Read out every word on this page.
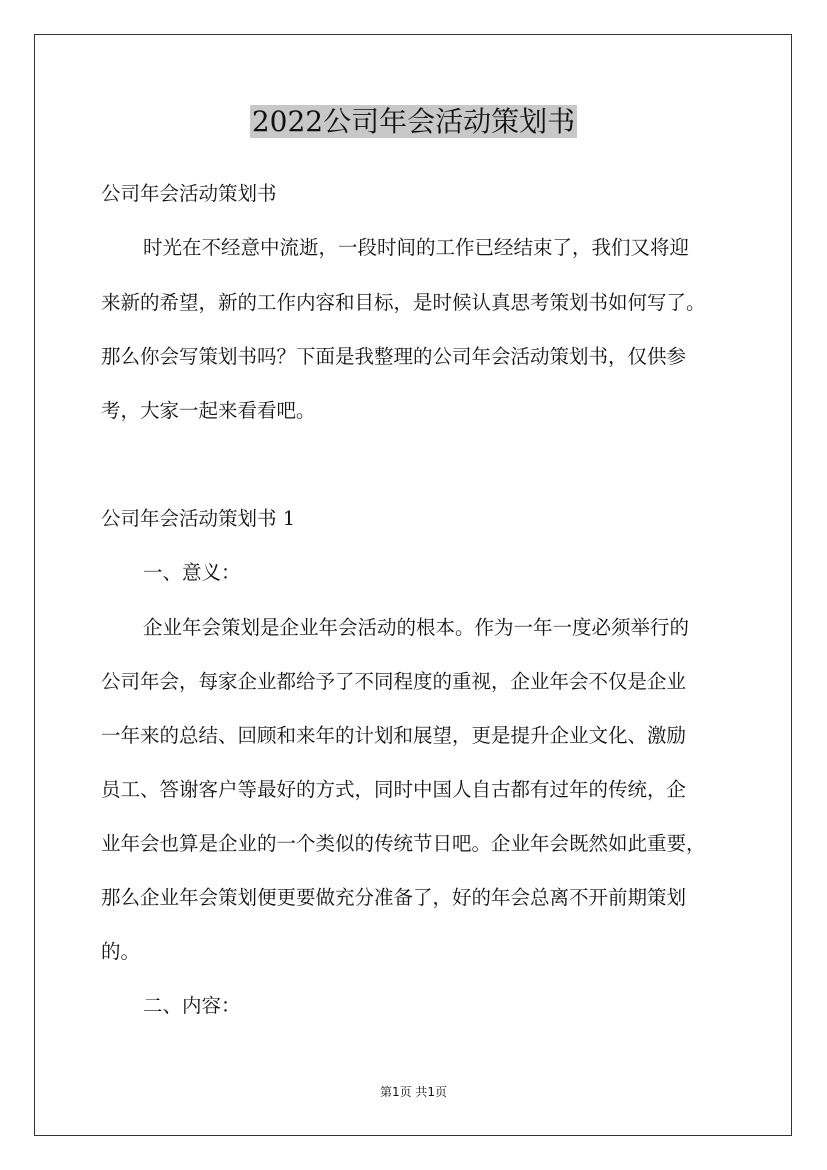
2022公司年会活动策划书
公司年会活动策划书
时光在不经意中流逝，一段时间的工作已经结束了，我们又将迎
来新的希望，新的工作内容和目标，是时候认真思考策划书如何写了。
那么你会写策划书吗？下面是我整理的公司年会活动策划书，仅供参
考，大家一起来看看吧。
公司年会活动策划书 1
一、意义：
企业年会策划是企业年会活动的根本。作为一年一度必须举行的
公司年会，每家企业都给予了不同程度的重视，企业年会不仅是企业
一年来的总结、回顾和来年的计划和展望，更是提升企业文化、激励
员工、答谢客户等最好的方式，同时中国人自古都有过年的传统，企
业年会也算是企业的一个类似的传统节日吧。企业年会既然如此重要，
那么企业年会策划便更要做充分准备了，好的年会总离不开前期策划
的。
二、内容：
第1页 共1页
